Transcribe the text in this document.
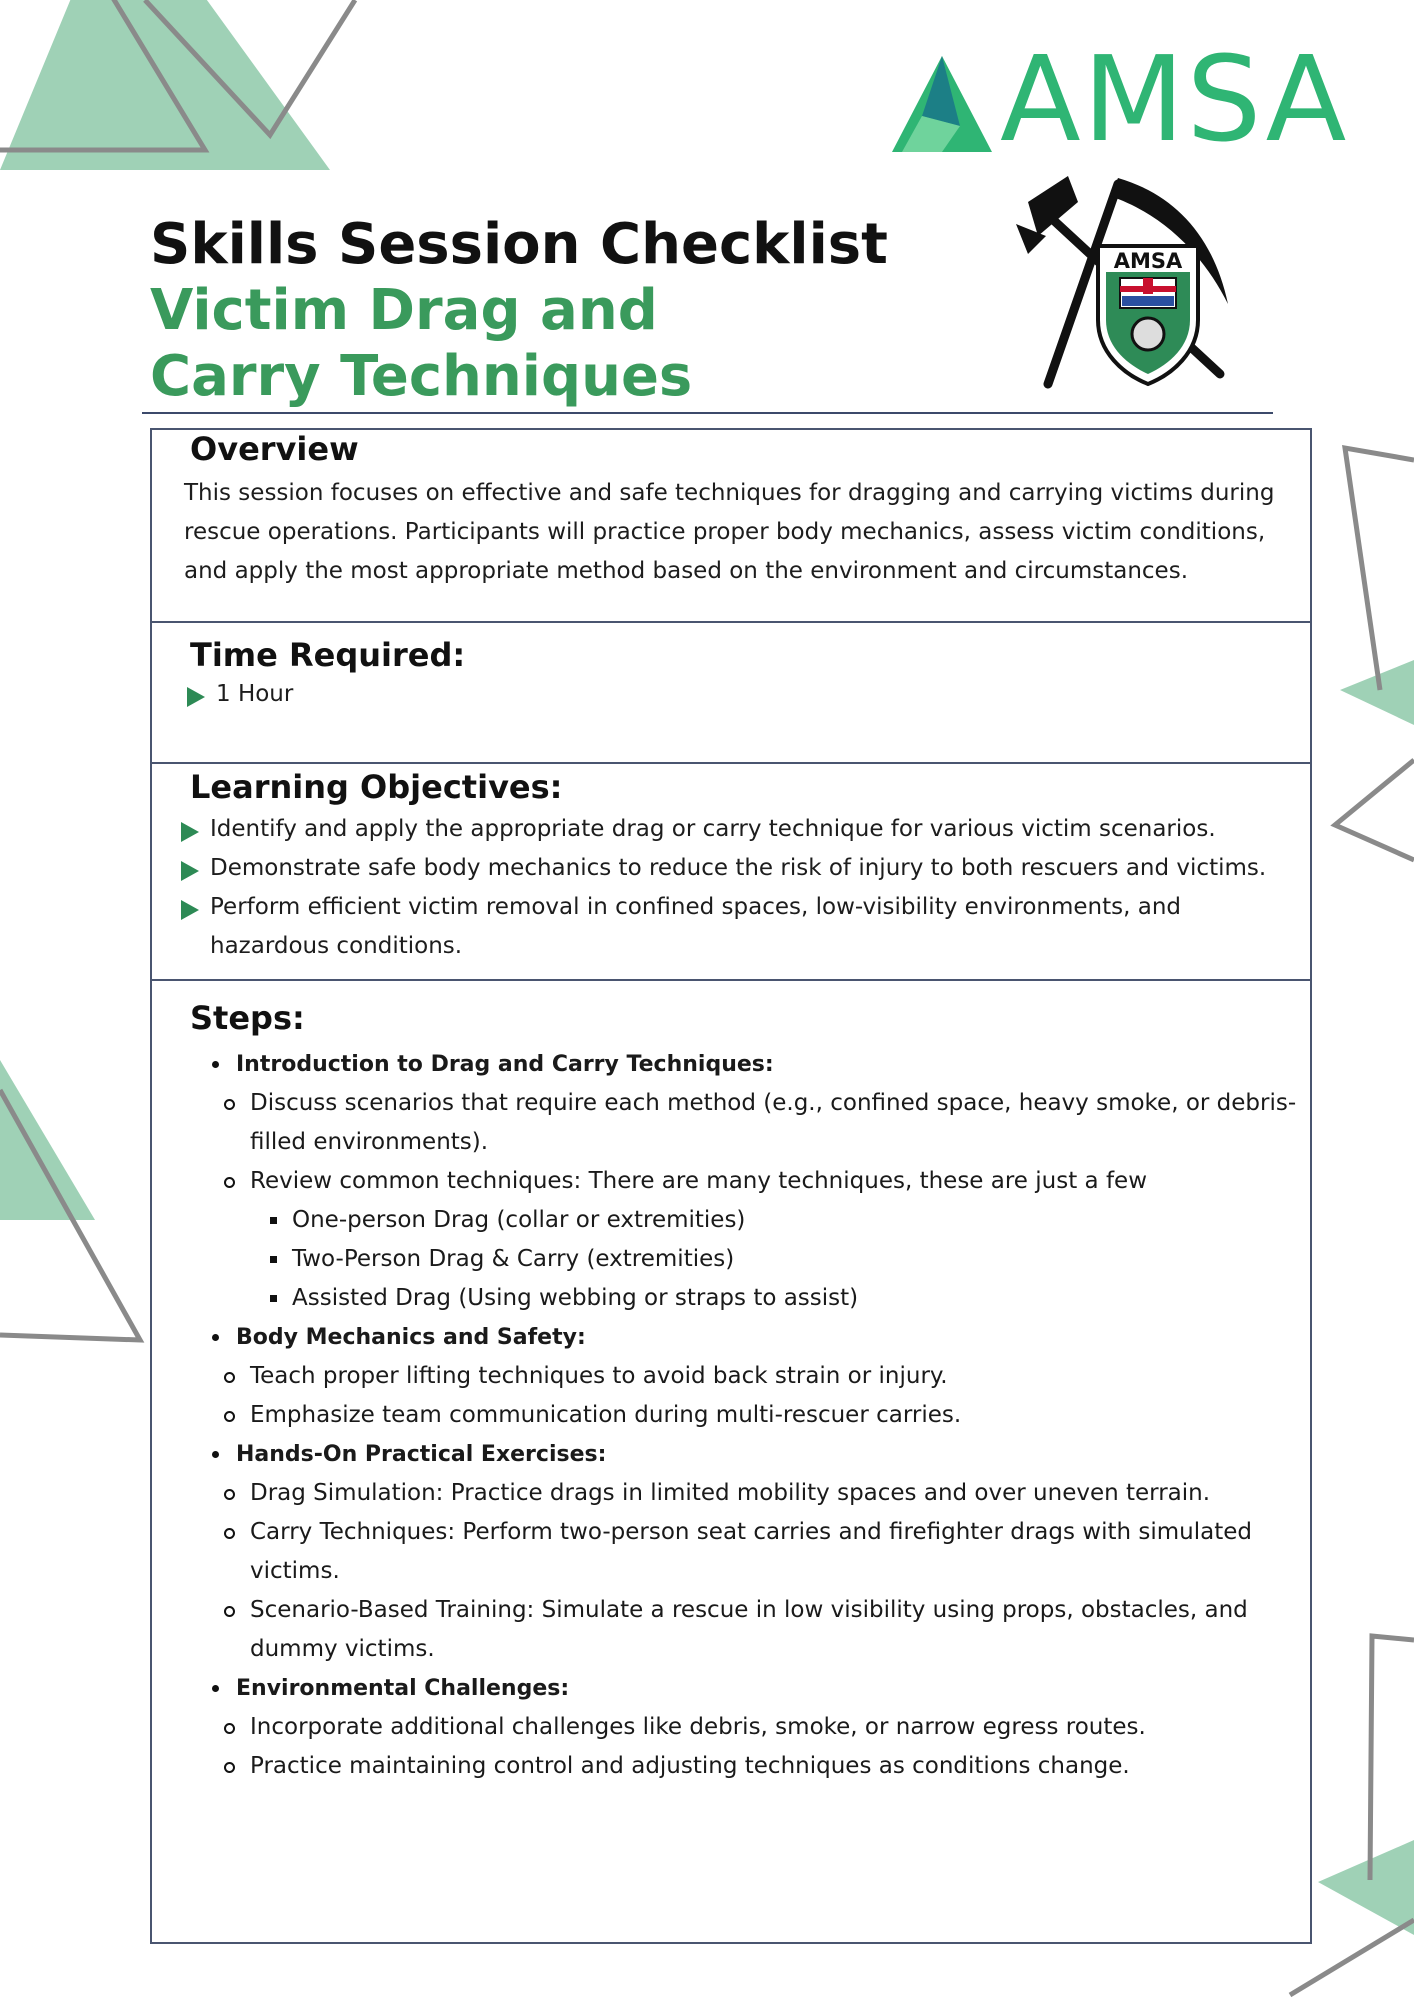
AMSA
AMSA

Skills Session Checklist

Victim Drag and

Carry Techniques

Overview

This session focuses on effective and safe techniques for dragging and carrying victims during rescue operations. Participants will practice proper body mechanics, assess victim conditions, and apply the most appropriate method based on the environment and circumstances.

Time Required:
1 Hour
Learning Objectives:
Identify and apply the appropriate drag or carry technique for various victim scenarios.
Demonstrate safe body mechanics to reduce the risk of injury to both rescuers and victims.
Perform efficient victim removal in confined spaces, low-visibility environments, and hazardous conditions.
Steps:
Introduction to Drag and Carry Techniques:
Discuss scenarios that require each method (e.g., confined space, heavy smoke, or debris-filled environments).
Review common techniques: There are many techniques, these are just a few
One-person Drag (collar or extremities)
Two-Person Drag & Carry (extremities)
Assisted Drag (Using webbing or straps to assist)
Body Mechanics and Safety:
Teach proper lifting techniques to avoid back strain or injury.
Emphasize team communication during multi-rescuer carries.
Hands-On Practical Exercises:
Drag Simulation: Practice drags in limited mobility spaces and over uneven terrain.
Carry Techniques: Perform two-person seat carries and firefighter drags with simulated victims.
Scenario-Based Training: Simulate a rescue in low visibility using props, obstacles, and dummy victims.
Environmental Challenges:
Incorporate additional challenges like debris, smoke, or narrow egress routes.
Practice maintaining control and adjusting techniques as conditions change.
